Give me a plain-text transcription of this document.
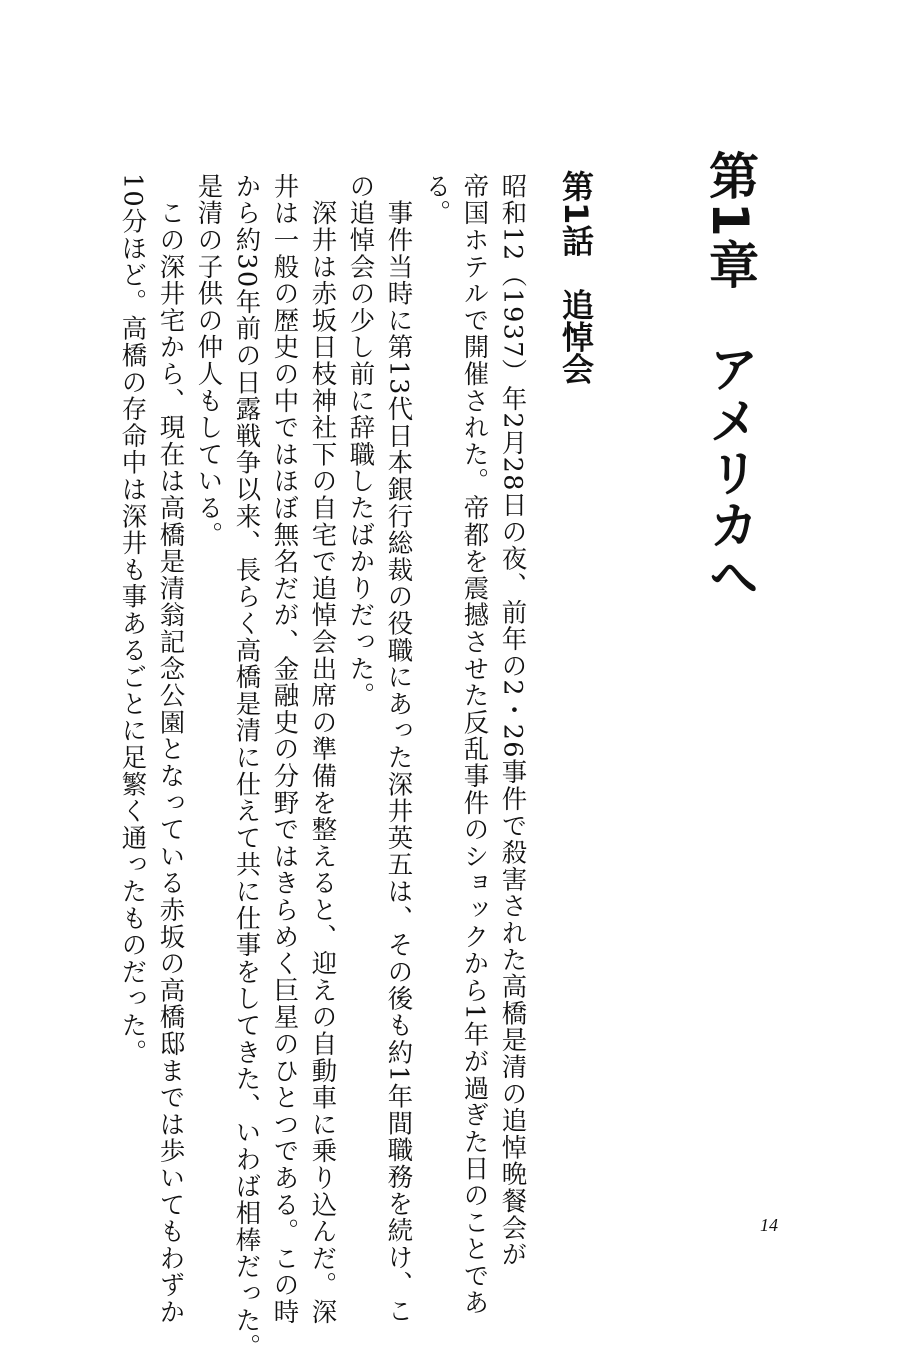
第1章　アメリカへ
第1話　追悼会

昭和12（1937）年2月28日の夜、前年の2・26事件で殺害された高橋是清の追悼晩餐会が

帝国ホテルで開催された。帝都を震撼させた反乱事件のショックから1年が過ぎた日のことであ

る。

　事件当時に第13代日本銀行総裁の役職にあった深井英五は、その後も約1年間職務を続け、こ

の追悼会の少し前に辞職したばかりだった。

　深井は赤坂日枝神社下の自宅で追悼会出席の準備を整えると、迎えの自動車に乗り込んだ。深

井は一般の歴史の中ではほぼ無名だが、金融史の分野ではきらめく巨星のひとつである。この時

から約30年前の日露戦争以来、長らく高橋是清に仕えて共に仕事をしてきた、いわば相棒だった。

是清の子供の仲人もしている。

　この深井宅から、現在は高橋是清翁記念公園となっている赤坂の高橋邸までは歩いてもわずか

10分ほど。高橋の存命中は深井も事あるごとに足繁く通ったものだった。

14
